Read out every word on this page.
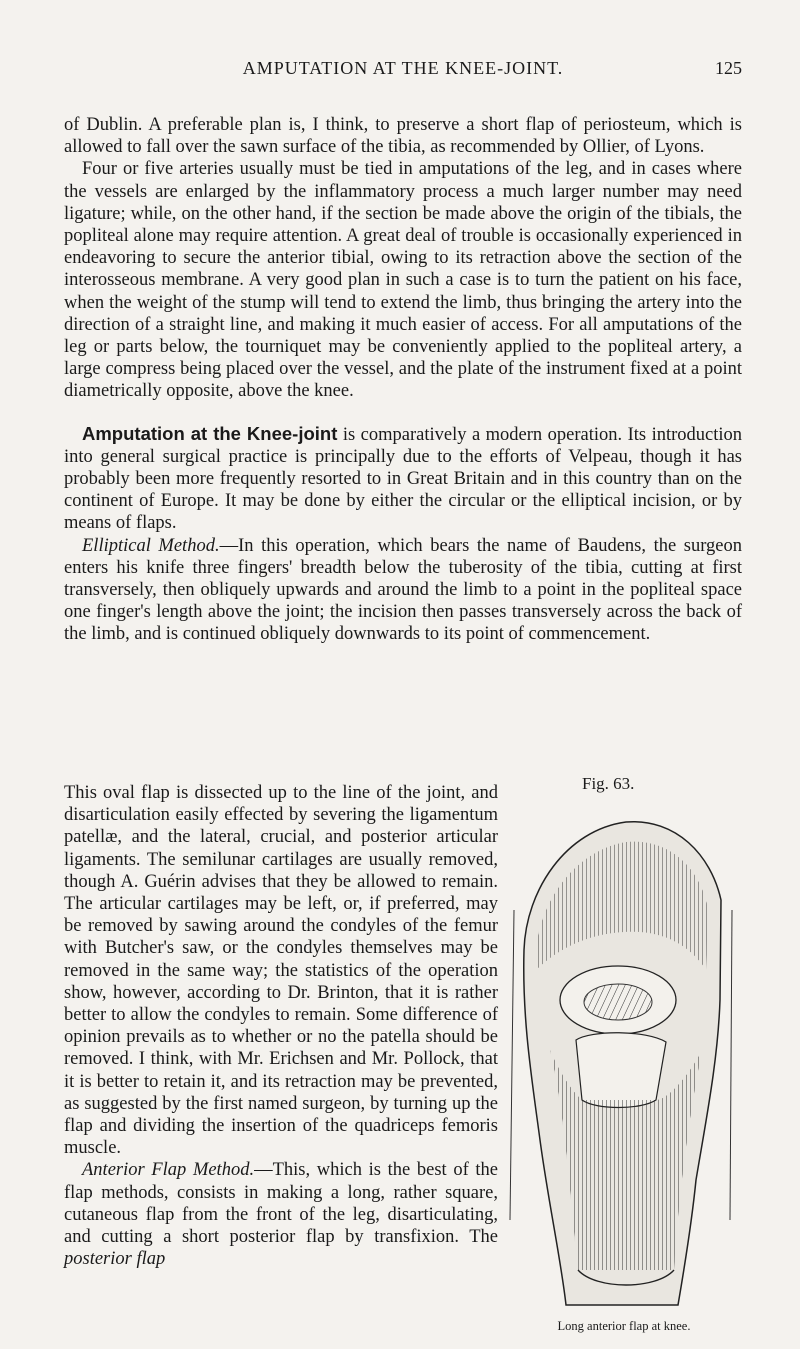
AMPUTATION AT THE KNEE-JOINT.	125

of Dublin. A preferable plan is, I think, to preserve a short flap of periosteum, which is allowed to fall over the sawn surface of the tibia, as recommended by Ollier, of Lyons.

Four or five arteries usually must be tied in amputations of the leg, and in cases where the vessels are enlarged by the inflammatory process a much larger number may need ligature; while, on the other hand, if the section be made above the origin of the tibials, the popliteal alone may require attention. A great deal of trouble is occasionally experienced in endeavoring to secure the anterior tibial, owing to its retraction above the section of the interosseous membrane. A very good plan in such a case is to turn the patient on his face, when the weight of the stump will tend to extend the limb, thus bringing the artery into the direction of a straight line, and making it much easier of access. For all amputations of the leg or parts below, the tourniquet may be conveniently applied to the popliteal artery, a large compress being placed over the vessel, and the plate of the instrument fixed at a point diametrically opposite, above the knee.

Amputation at the Knee-joint is comparatively a modern operation. Its introduction into general surgical practice is principally due to the efforts of Velpeau, though it has probably been more frequently resorted to in Great Britain and in this country than on the continent of Europe. It may be done by either the circular or the elliptical incision, or by means of flaps.

Elliptical Method.—In this operation, which bears the name of Baudens, the surgeon enters his knife three fingers' breadth below the tuberosity of the tibia, cutting at first transversely, then obliquely upwards and around the limb to a point in the popliteal space one finger's length above the joint; the incision then passes transversely across the back of the limb, and is continued obliquely downwards to its point of commencement.

This oval flap is dissected up to the line of the joint, and disarticulation easily effected by severing the ligamentum patellæ, and the lateral, crucial, and posterior articular ligaments. The semilunar cartilages are usually removed, though A. Guérin advises that they be allowed to remain. The articular cartilages may be left, or, if preferred, may be removed by sawing around the condyles of the femur with Butcher's saw, or the condyles themselves may be removed in the same way; the statistics of the operation show, however, according to Dr. Brinton, that it is rather better to allow the condyles to remain. Some difference of opinion prevails as to whether or no the patella should be removed. I think, with Mr. Erichsen and Mr. Pollock, that it is better to retain it, and its retraction may be prevented, as suggested by the first named surgeon, by turning up the flap and dividing the insertion of the quadriceps femoris muscle.

Anterior Flap Method.—This, which is the best of the flap methods, consists in making a long, rather square, cutaneous flap from the front of the leg, disarticulating, and cutting a short posterior flap by transfixion. The posterior flap

Fig. 63.
Long anterior flap at knee.
